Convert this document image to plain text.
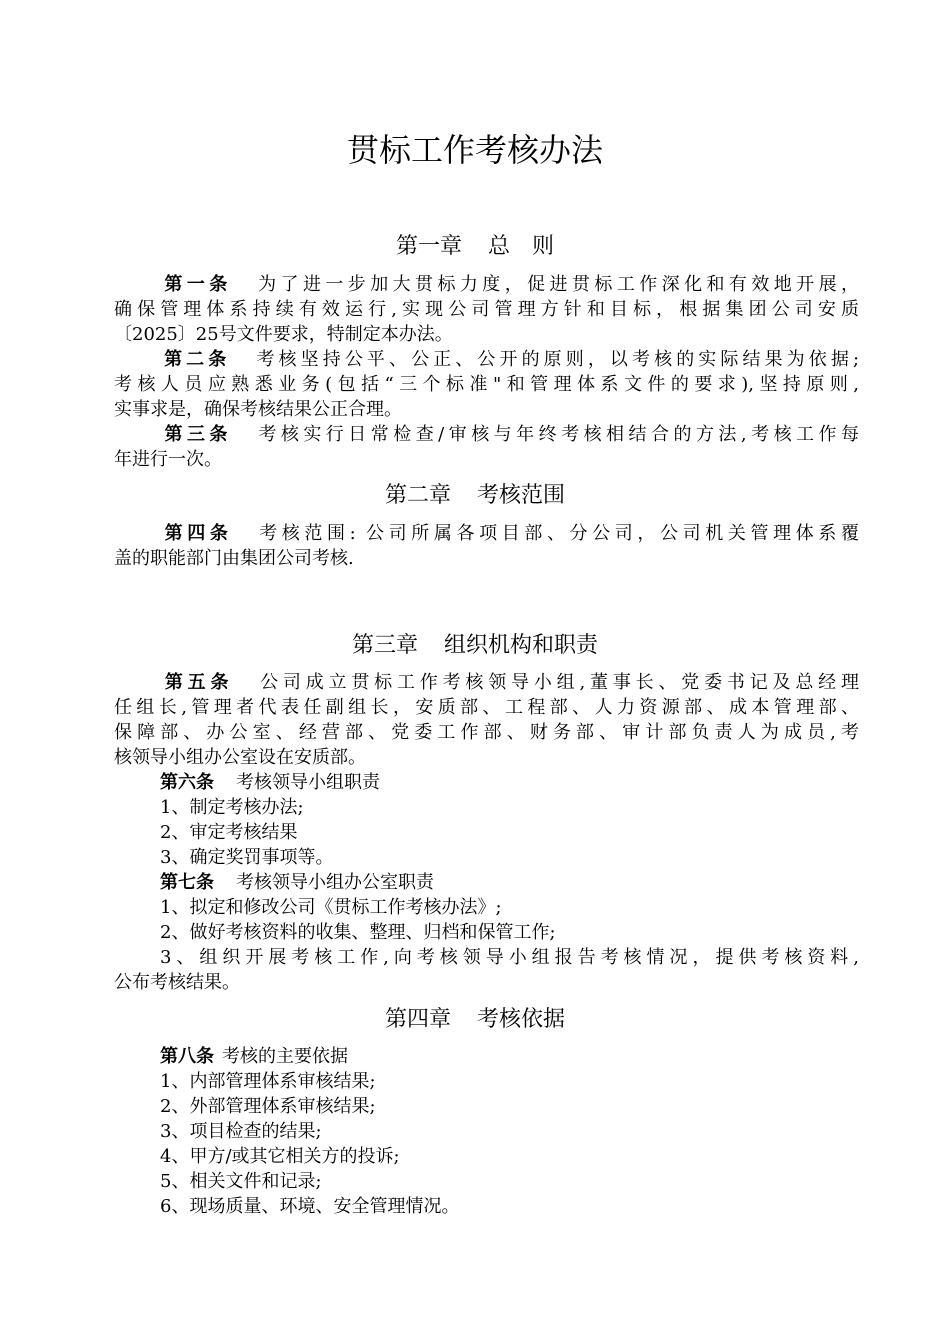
贯标工作考核办法
第一章 总　则
第一条 为了进一步加大贯标力度，促进贯标工作深化和有效地开展，
确保管理体系持续有效运行,实现公司管理方针和目标，根据集团公司安质
〔2025〕25号文件要求，特制定本办法。
第二条 考核坚持公平、公正、公开的原则，以考核的实际结果为依据;
考核人员应熟悉业务(包括“三个标准"和管理体系文件的要求),坚持原则,
实事求是，确保考核结果公正合理。
第三条 考核实行日常检查/审核与年终考核相结合的方法,考核工作每
年进行一次。
第二章 考核范围
第四条 考核范围: 公司所属各项目部、分公司，公司机关管理体系覆
盖的职能部门由集团公司考核.
第三章 组织机构和职责
第五条 公司成立贯标工作考核领导小组,董事长、党委书记及总经理
任组长,管理者代表任副组长，安质部、工程部、人力资源部、成本管理部、
保障部、办公室、经营部、党委工作部、财务部、审计部负责人为成员,考
核领导小组办公室设在安质部。
第六条 考核领导小组职责
1、制定考核办法;
2、审定考核结果
3、确定奖罚事项等。
第七条 考核领导小组办公室职责
1、拟定和修改公司《贯标工作考核办法》;
2、做好考核资料的收集、整理、归档和保管工作;
3、组织开展考核工作,向考核领导小组报告考核情况，提供考核资料,
公布考核结果。
第四章 考核依据
第八条 考核的主要依据
1、内部管理体系审核结果;
2、外部管理体系审核结果;
3、项目检查的结果;
4、甲方/或其它相关方的投诉;
5、相关文件和记录;
6、现场质量、环境、安全管理情况。
